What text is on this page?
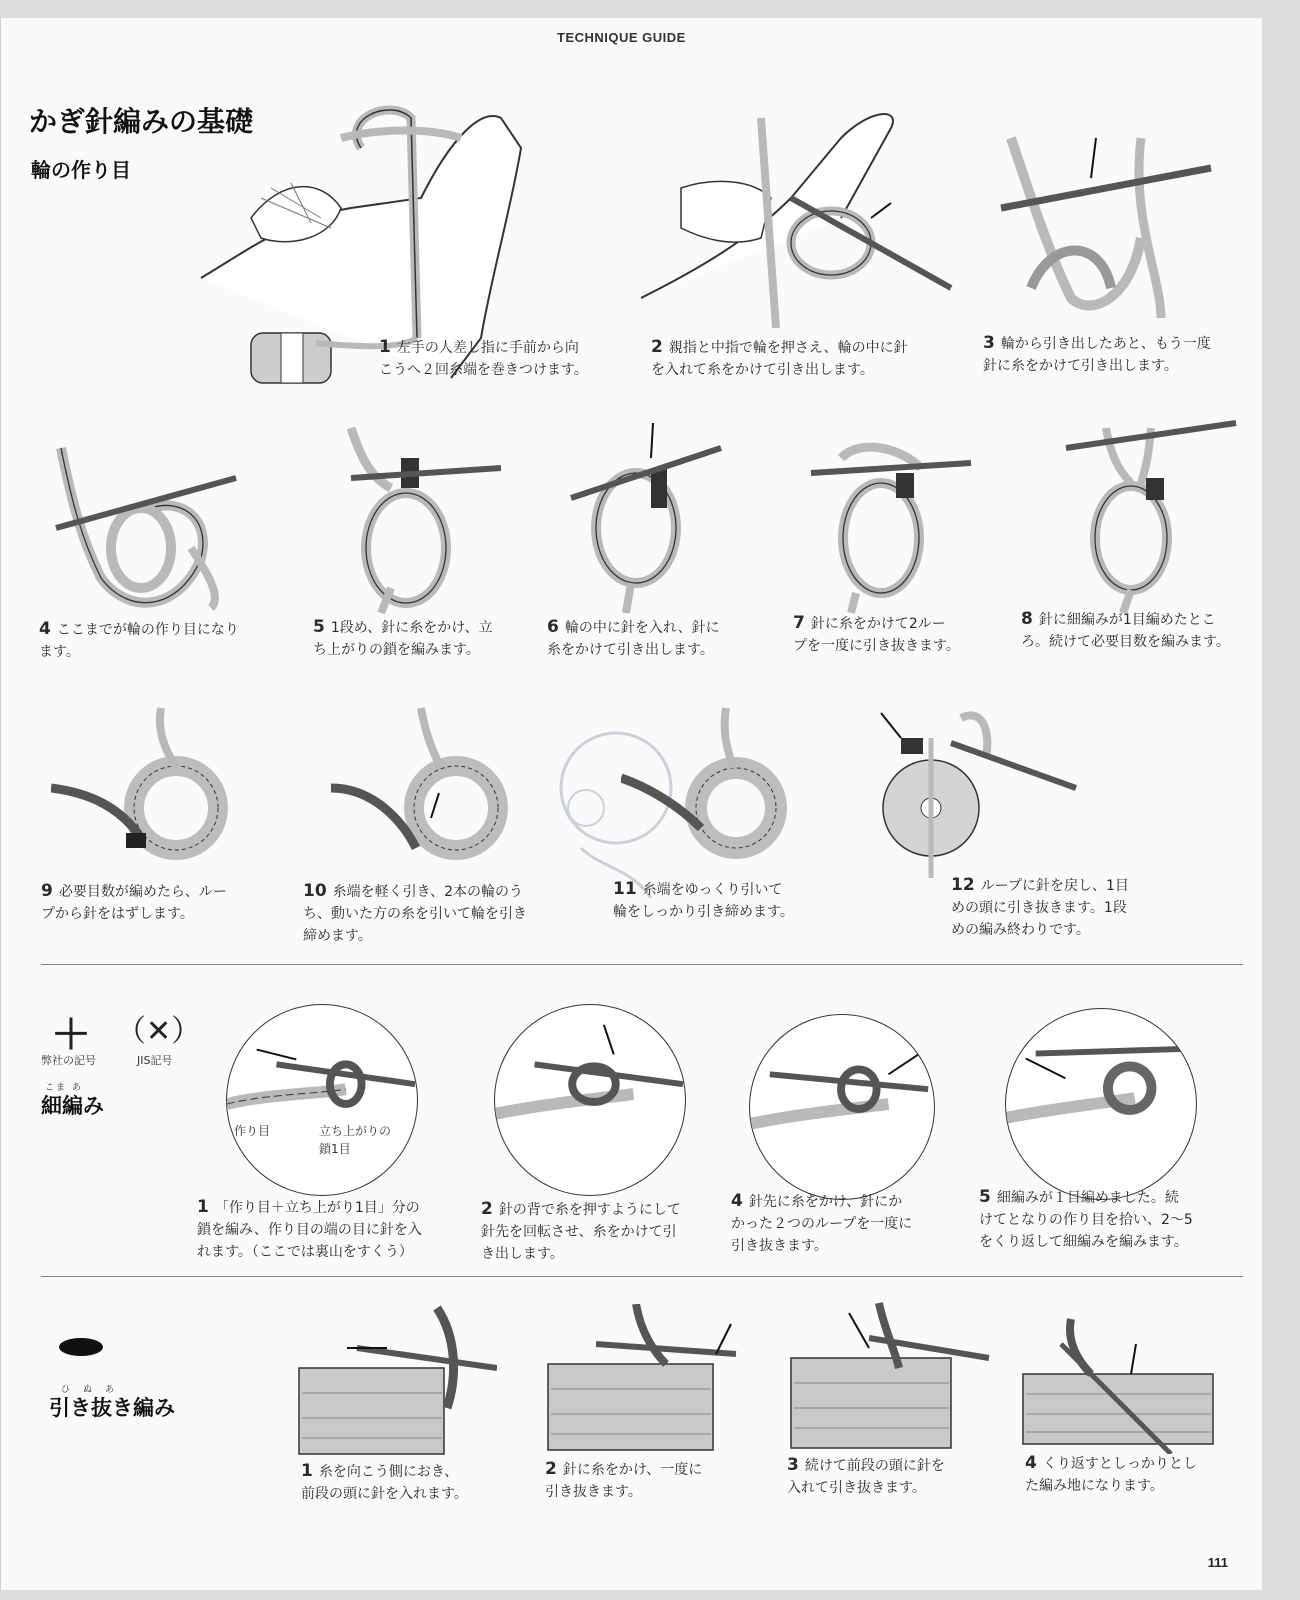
TECHNIQUE GUIDE
かぎ針編みの基礎
輪の作り目
1 左手の人差し指に手前から向
こうへ２回糸端を巻きつけます。
2 親指と中指で輪を押さえ、輪の中に針
を入れて糸をかけて引き出します。
3 輪から引き出したあと、もう一度
針に糸をかけて引き出します。
4 ここまでが輪の作り目になり
ます。
5 1段め、針に糸をかけ、立
ち上がりの鎖を編みます。
6 輪の中に針を入れ、針に
糸をかけて引き出します。
7 針に糸をかけて2ルー
プを一度に引き抜きます。
8 針に細編みが1目編めたとこ
ろ。続けて必要目数を編みます。
9 必要目数が編めたら、ルー
プから針をはずします。
10 糸端を軽く引き、2本の輪のう
ち、動いた方の糸を引いて輪を引き
締めます。
11 糸端をゆっくり引いて
輪をしっかり引き締めます。
12 ループに針を戻し、1目
めの頭に引き抜きます。1段
めの編み終わりです。
＋ （✕）
弊社の記号	JIS記号
こま あ
細編み
作り目	立ち上がりの
鎖1目
1 「作り目＋立ち上がり1目」分の
鎖を編み、作り目の端の目に針を入
れます。（ここでは裏山をすくう）
2 針の背で糸を押すようにして
針先を回転させ、糸をかけて引
き出します。
4 針先に糸をかけ、針にか
かった２つのループを一度に
引き抜きます。
5 細編みが１目編めました。続
けてとなりの作り目を拾い、2〜5
をくり返して細編みを編みます。
ひ　ぬ　あ
引き抜き編み
1 糸を向こう側におき、
前段の頭に針を入れます。
2 針に糸をかけ、一度に
引き抜きます。
3 続けて前段の頭に針を
入れて引き抜きます。
4 くり返すとしっかりとし
た編み地になります。
111
